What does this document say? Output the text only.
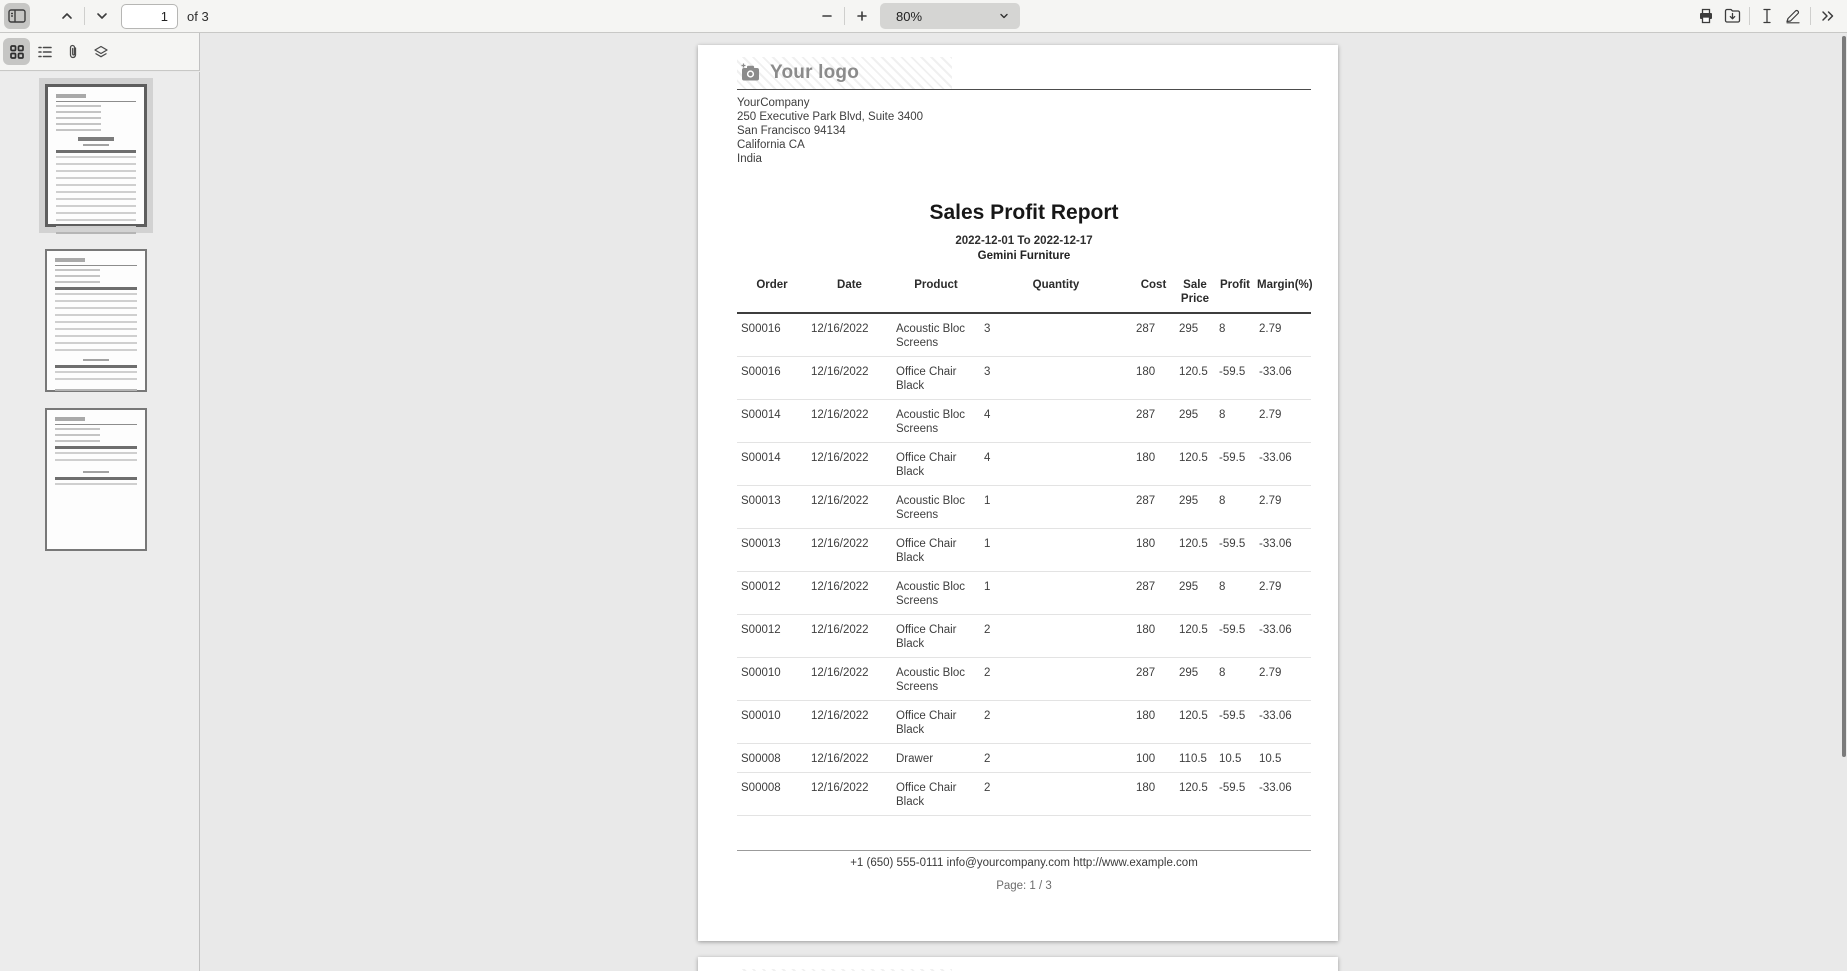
1
of 3	80%
Your logo
YourCompany
250 Executive Park Blvd, Suite 3400
San Francisco 94134
California CA
India
Sales Profit Report
2022-12-01 To 2022-12-17
Gemini Furniture
Order	Date	Product	Quantity	Cost	Sale Price	Profit	Margin(%)
S00016	12/16/2022	Acoustic Bloc Screens	3	287	295	8	2.79
S00016	12/16/2022	Office Chair Black	3	180	120.5	-59.5	-33.06
S00014	12/16/2022	Acoustic Bloc Screens	4	287	295	8	2.79
S00014	12/16/2022	Office Chair Black	4	180	120.5	-59.5	-33.06
S00013	12/16/2022	Acoustic Bloc Screens	1	287	295	8	2.79
S00013	12/16/2022	Office Chair Black	1	180	120.5	-59.5	-33.06
S00012	12/16/2022	Acoustic Bloc Screens	1	287	295	8	2.79
S00012	12/16/2022	Office Chair Black	2	180	120.5	-59.5	-33.06
S00010	12/16/2022	Acoustic Bloc Screens	2	287	295	8	2.79
S00010	12/16/2022	Office Chair Black	2	180	120.5	-59.5	-33.06
S00008	12/16/2022	Drawer	2	100	110.5	10.5	10.5
S00008	12/16/2022	Office Chair Black	2	180	120.5	-59.5	-33.06
+1 (650) 555-0111 info@yourcompany.com http://www.example.com
Page: 1 / 3
